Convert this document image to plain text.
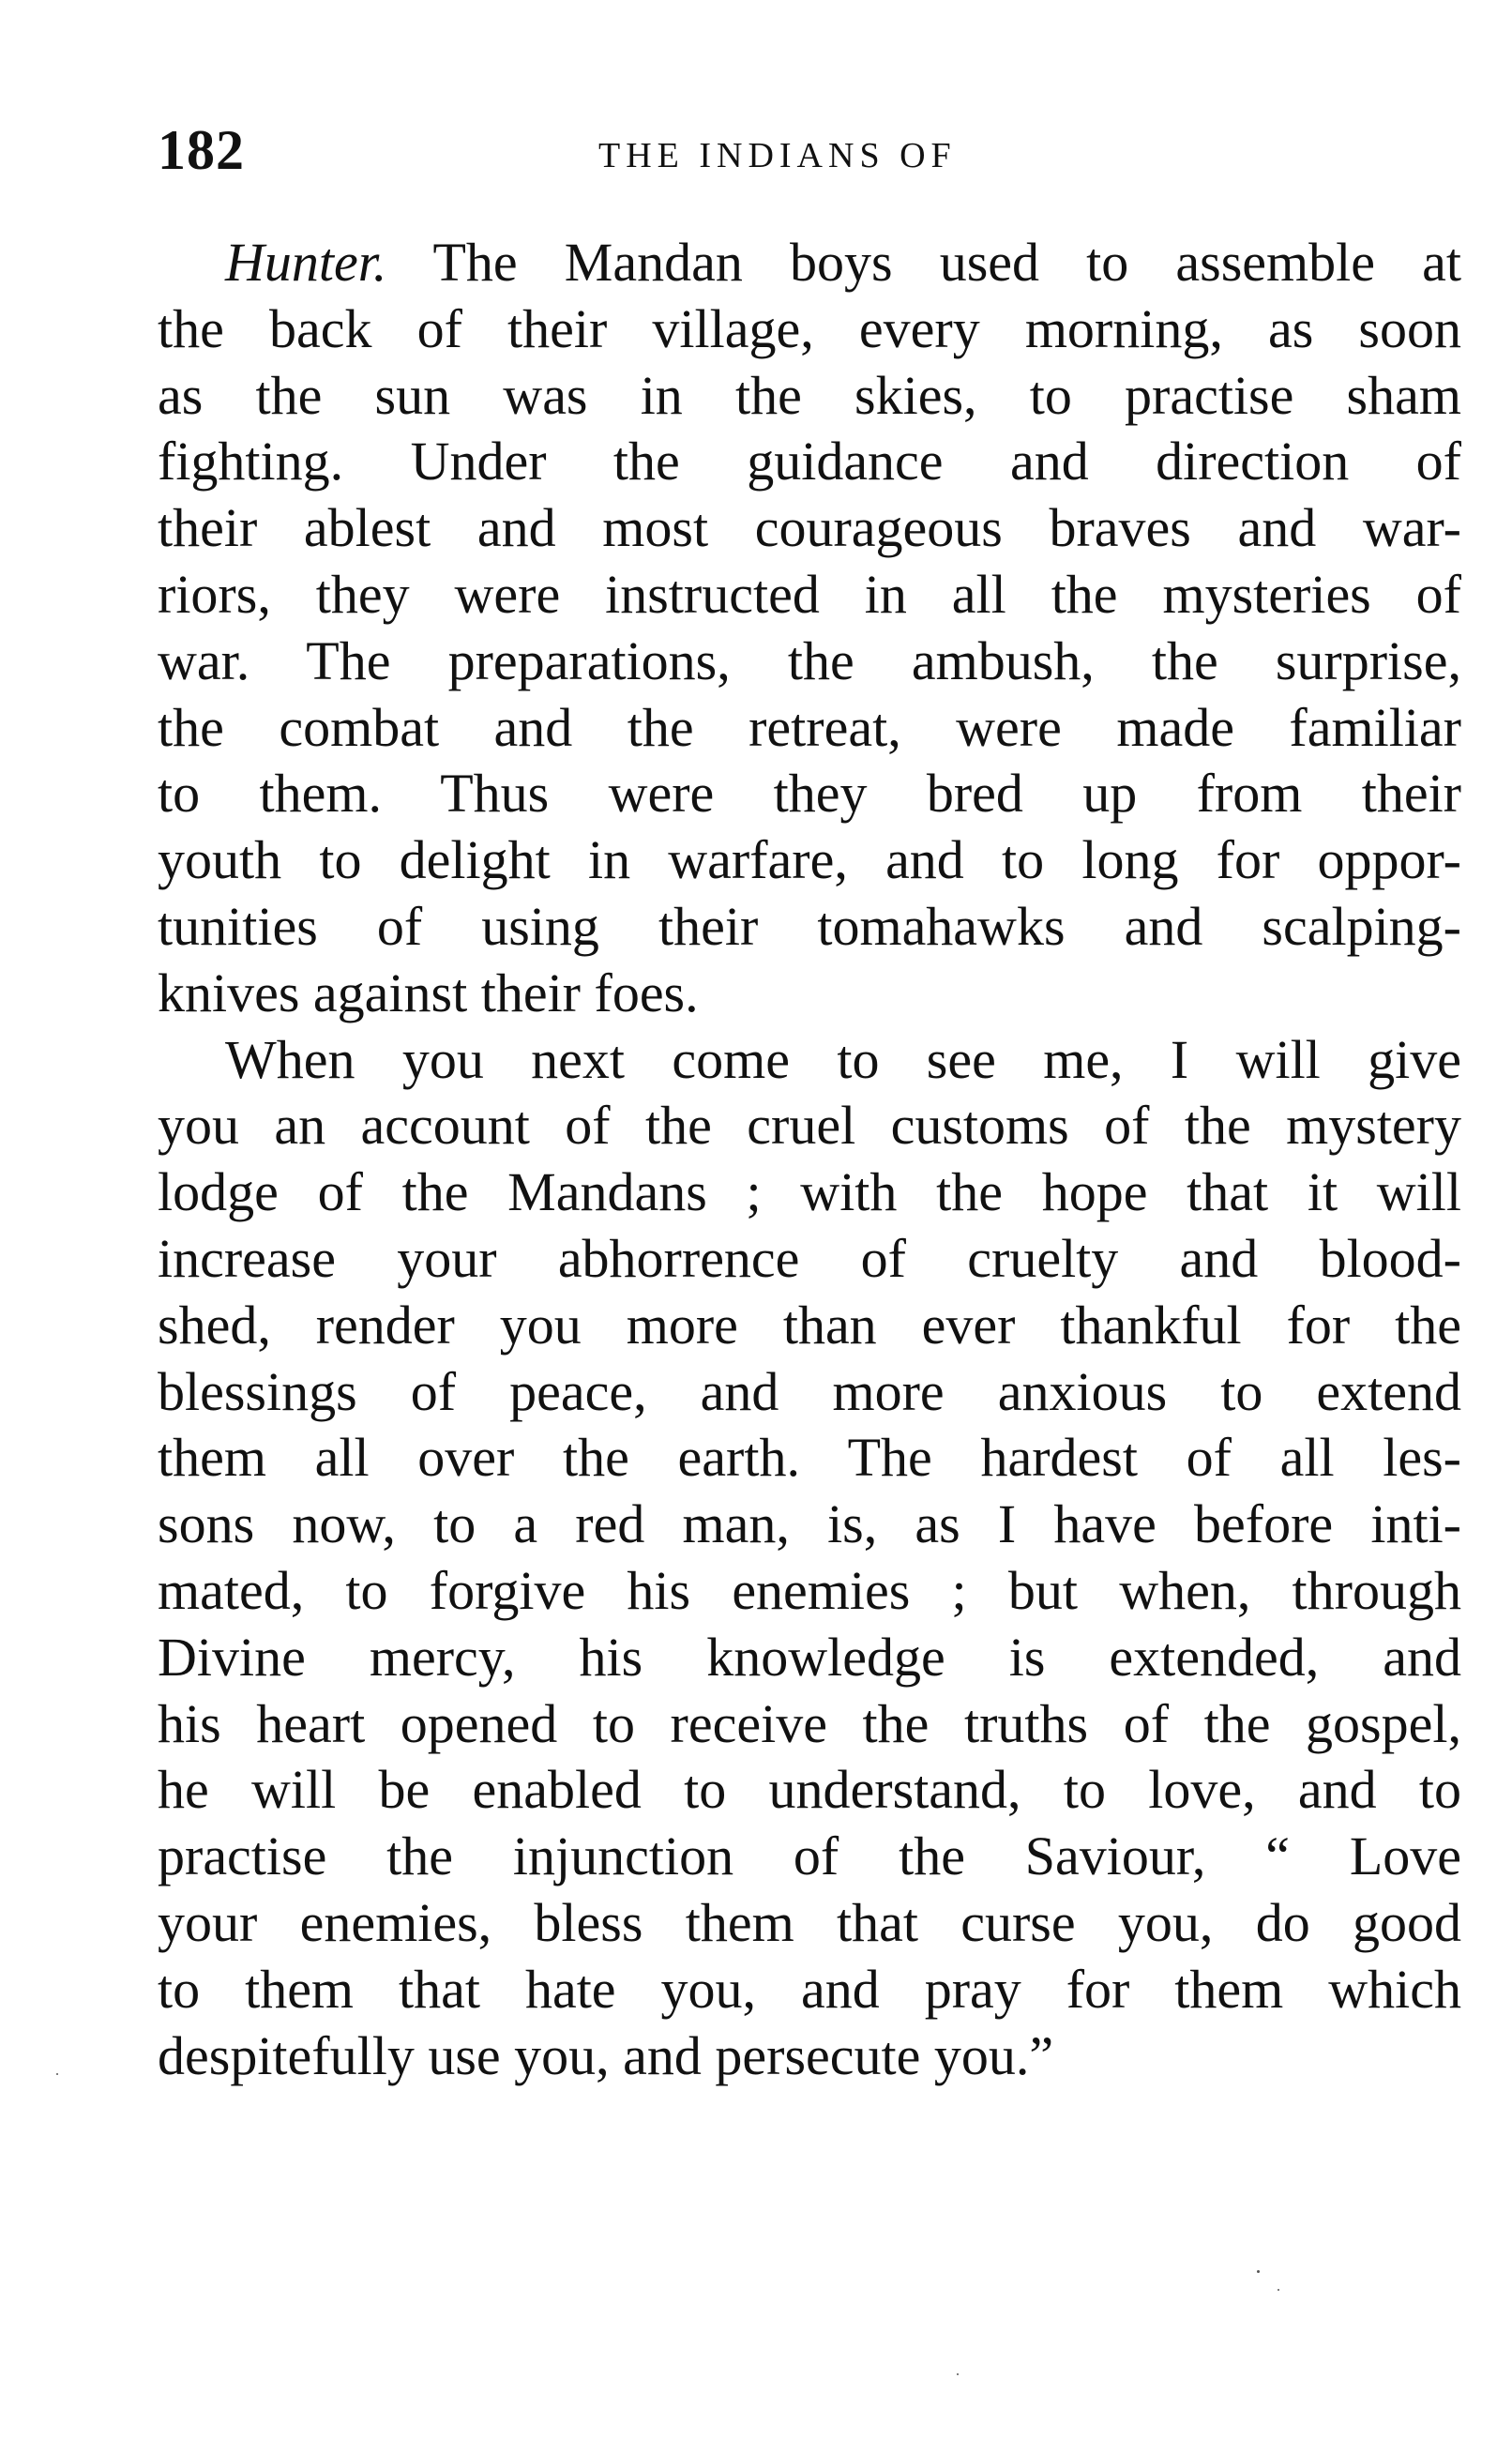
182	THE INDIANS OF
Hunter. The Mandan boys used to assemble at
the back of their village, every morning, as soon
as the sun was in the skies, to practise sham
fighting. Under the guidance and direction of
their ablest and most courageous braves and war-
riors, they were instructed in all the mysteries of
war. The preparations, the ambush, the surprise,
the combat and the retreat, were made familiar
to them. Thus were they bred up from their
youth to delight in warfare, and to long for oppor-
tunities of using their tomahawks and scalping-
knives against their foes.
When you next come to see me, I will give
you an account of the cruel customs of the mystery
lodge of the Mandans ; with the hope that it will
increase your abhorrence of cruelty and blood-
shed, render you more than ever thankful for the
blessings of peace, and more anxious to extend
them all over the earth. The hardest of all les-
sons now, to a red man, is, as I have before inti-
mated, to forgive his enemies ; but when, through
Divine mercy, his knowledge is extended, and
his heart opened to receive the truths of the gospel,
he will be enabled to understand, to love, and to
practise the injunction of the Saviour, “ Love
your enemies, bless them that curse you, do good
to them that hate you, and pray for them which
despitefully use you, and persecute you.”
